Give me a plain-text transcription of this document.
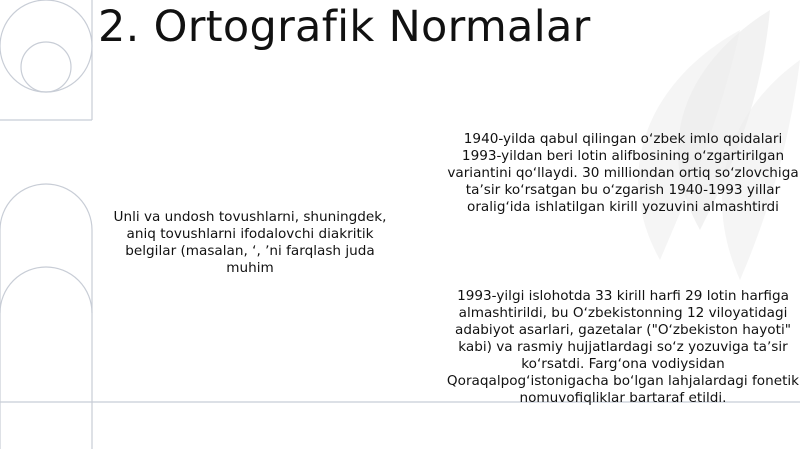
2. Ortografik Normalar
Unli va undosh tovushlarni, shuningdek, aniq tovushlarni ifodalovchi diakritik belgilar (masalan, ʻ, ʼni farqlash juda muhim
1940-yilda qabul qilingan oʻzbek imlo qoidalari 1993-yildan beri lotin alifbosining oʻzgartirilgan variantini qoʻllaydi. 30 milliondan ortiq soʻzlovchiga taʼsir koʻrsatgan bu oʻzgarish 1940-1993 yillar oraligʻida ishlatilgan kirill yozuvini almashtirdi
1993-yilgi islohotda 33 kirill harfi 29 lotin harfiga almashtirildi, bu Oʻzbekistonning 12 viloyatidagi adabiyot asarlari, gazetalar ("Oʻzbekiston hayoti" kabi) va rasmiy hujjatlardagi soʻz yozuviga taʼsir koʻrsatdi. Fargʻona vodiysidan Qoraqalpogʻistonigacha boʻlgan lahjalardagi fonetik nomuvofiqliklar bartaraf etildi.
